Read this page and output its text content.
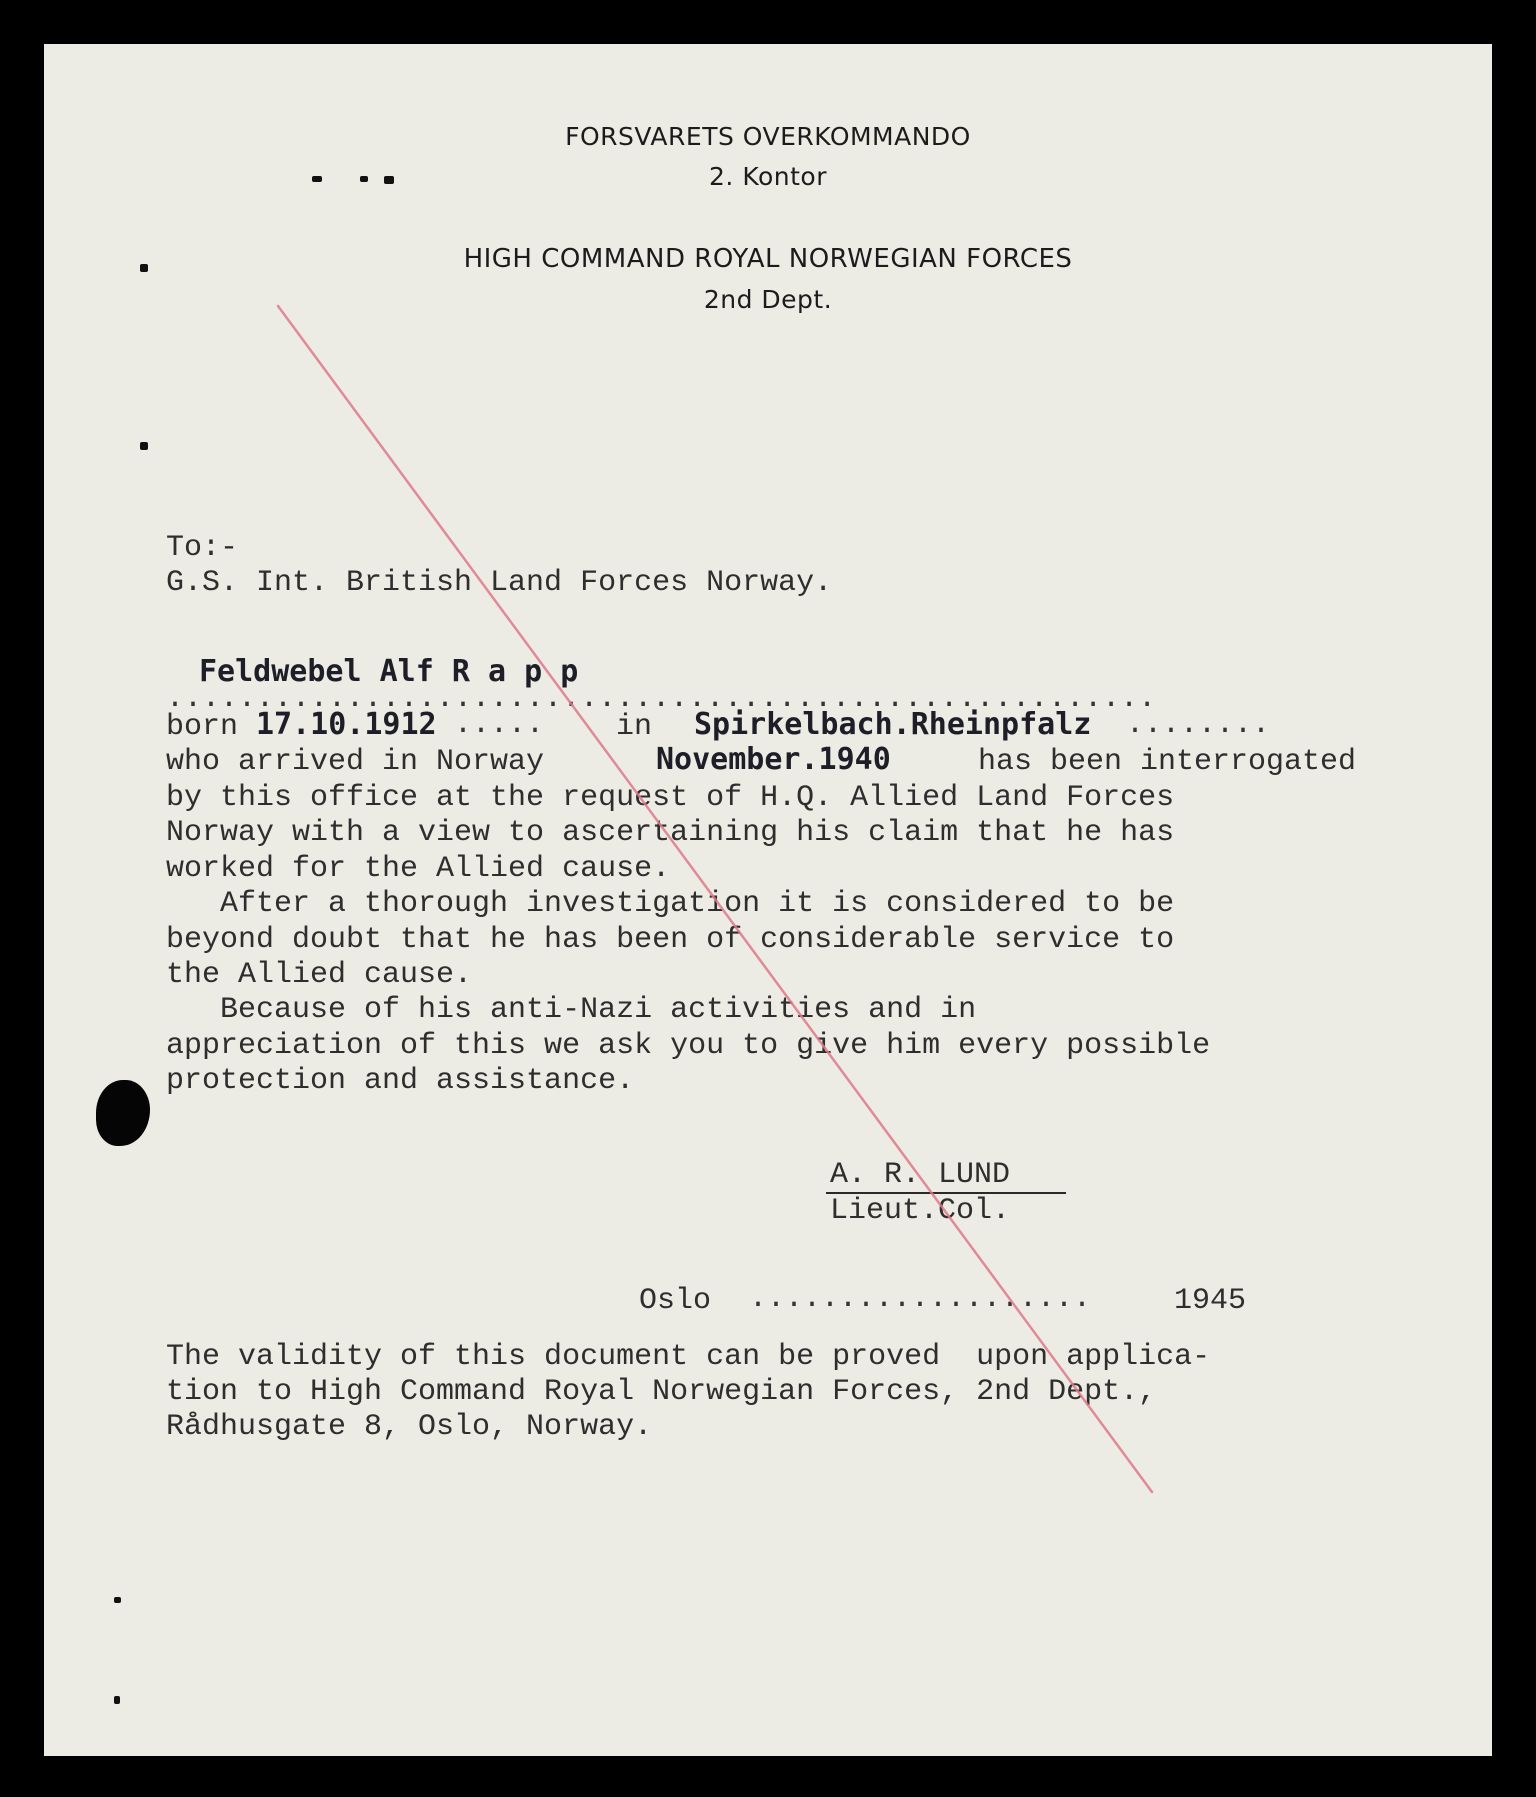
FORSVARETS OVERKOMMANDO

2. Kontor

HIGH COMMAND ROYAL NORWEGIAN FORCES

2nd Dept.

To:-

G.S. Int. British Land Forces Norway.

Feldwebel Alf R a p p

.......................................................

born 17.10.1912 ..... in Spirkelbach.Rheinpfalz ........

who arrived in Norway	November.1940	has been interrogated

by this office at the request of H.Q. Allied Land Forces

Norway with a view to ascertaining his claim that he has

worked for the Allied cause.

After a thorough investigation it is considered to be

beyond doubt that he has been of considerable service to

the Allied cause.

Because of his anti-Nazi activities and in

appreciation of this we ask you to give him every possible

protection and assistance.

A. R. LUND

Lieut.Col.

Oslo ...................	1945

The validity of this document can be proved  upon applica-

tion to High Command Royal Norwegian Forces, 2nd Dept.,

Rådhusgate 8, Oslo, Norway.
